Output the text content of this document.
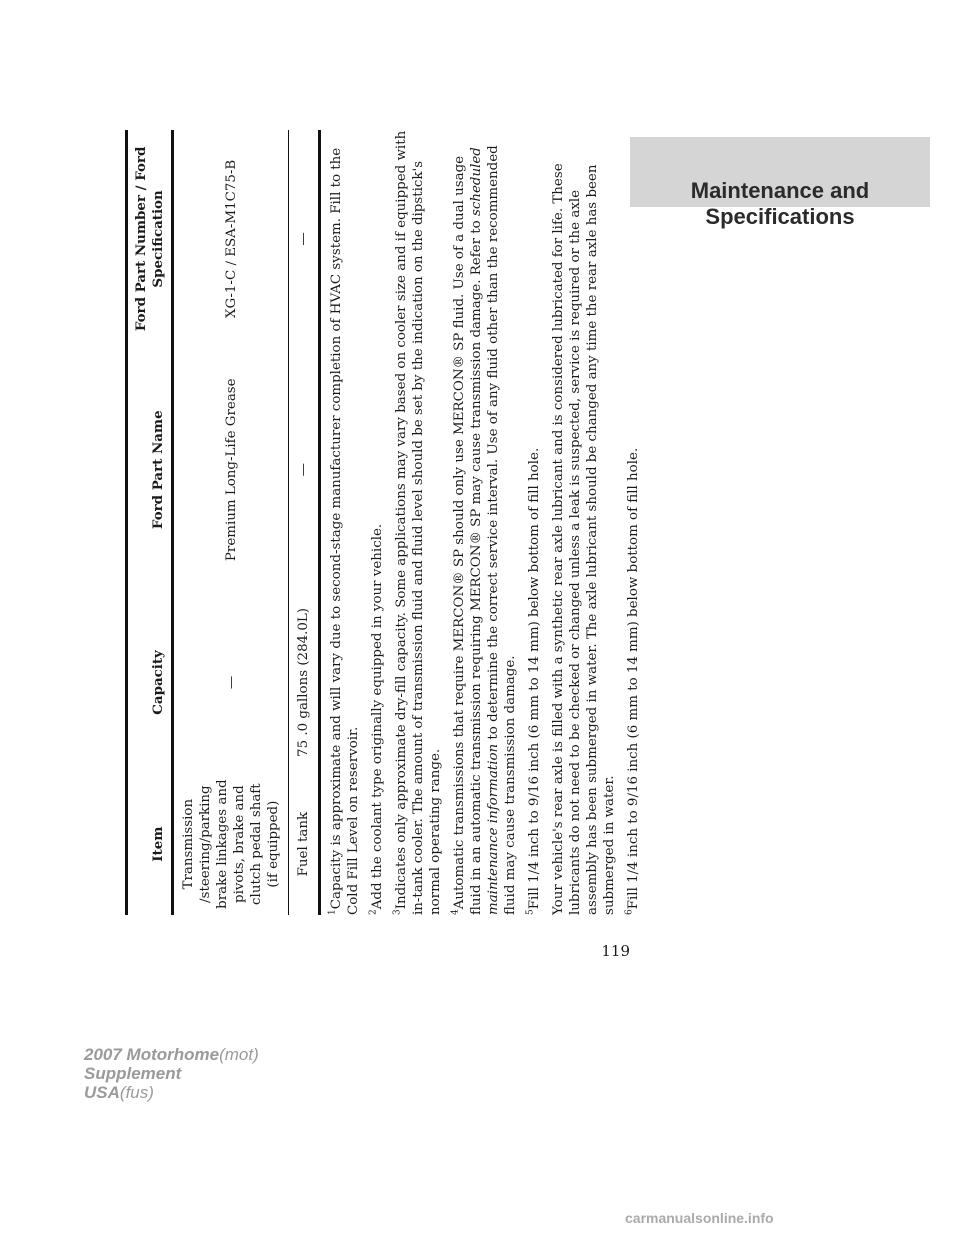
Maintenance and Specifications
Item	Capacity	Ford Part Name	Ford Part Number / Ford Specification
Transmission /steering/parking brake linkages and pivots, brake and clutch pedal shaft (if equipped)	—	Premium Long-Life Grease	XG-1-C / ESA-M1C75-B
Fuel tank	75 .0 gallons (284.0L)	—	—

$^1$Capacity is approximate and will vary due to second-stage manufacturer completion of HVAC system. Fill to the Cold Fill Level on reservoir. $^2$Add the coolant type originally equipped in your vehicle.

$^3$Indicates only approximate dry-fill capacity. Some applications may vary based on cooler size and if equipped with in-tank cooler. The amount of transmission fluid and fluid level should be set by the indication on the dipstick's normal operating range. $^4$Automatic transmissions that require MERCON® SP should only use MERCON® SP fluid. Use of a dual usage fluid in an automatic transmission requiring MERCON® SP may cause transmission damage. Refer to scheduled maintenance information to determine the correct service interval. Use of any fluid other than the recommended fluid may cause transmission damage. $^5$Fill 1/4 inch to 9/16 inch (6 mm to 14 mm) below bottom of fill hole. Your vehicle's rear axle is filled with a synthetic rear axle lubricant and is considered lubricated for life. These lubricants do not need to be checked or changed unless a leak is suspected, service is required or the axle assembly has been submerged in water. The axle lubricant should be changed any time the rear axle has been submerged in water. $^6$Fill 1/4 inch to 9/16 inch (6 mm to 14 mm) below bottom of fill hole.

119
2007 Motorhome(mot)
Supplement
USA(fus)
carmanualsonline.info
